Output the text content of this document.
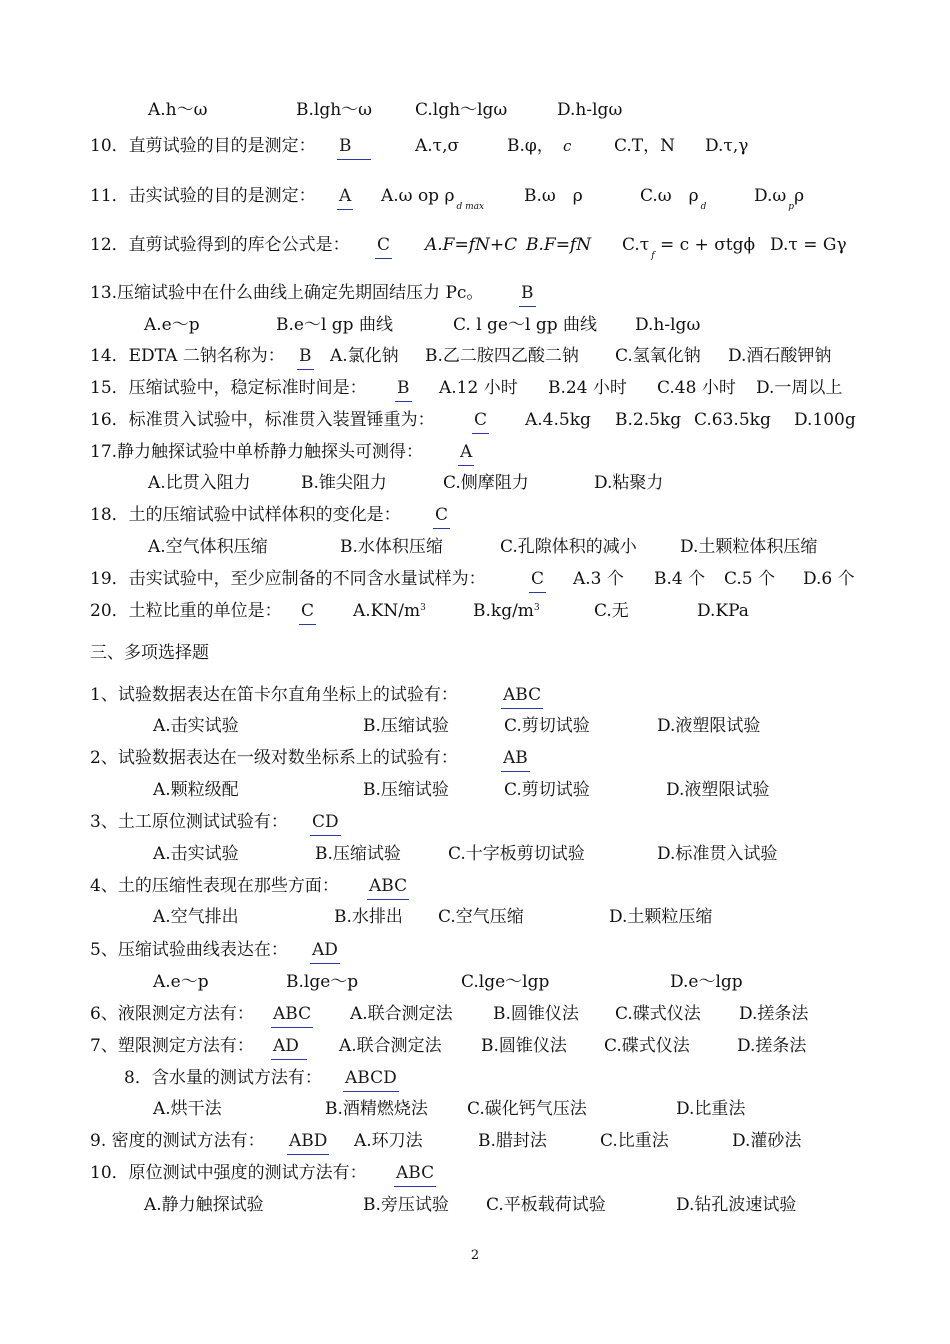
A.h～ω	B.lgh～ω	C.lgh～lgω	D.h-lgω
10．直剪试验的目的是测定： B	A.τ,σ	B.φ， c	C.T，N D.τ,γ
11．击实试验的目的是测定： A A.ω op $\rho_{d max}$
B.ω　ρ	C.ω　$\rho_d$
$D.\omega_p\rho$
12．直剪试验得到的库仑公式是： C A.F=fN+C B.F=fN $C.\tau_f = c + \sigma tg\phi$ D.τ = Gγ
13.压缩试验中在什么曲线上确定先期固结压力 Pc。 B
A.e～p	B.e～l gp 曲线	C. l ge～l gp 曲线 D.h-lgω
14．EDTA 二钠名称为： B A.氯化钠 B.乙二胺四乙酸二钠 C.氢氧化钠 D.酒石酸钾钠
15．压缩试验中，稳定标准时间是： B A.12 小时 B.24 小时 C.48 小时 D.一周以上
16．标准贯入试验中，标准贯入装置锤重为： C A.4.5kg B.2.5kg C.63.5kg D.100g
17.静力触探试验中单桥静力触探头可测得： A
A.比贯入阻力	B.锥尖阻力	C.侧摩阻力	D.粘聚力
18．土的压缩试验中试样体积的变化是： C
A.空气体积压缩	B.水体积压缩	C.孔隙体积的减小	D.土颗粒体积压缩
19．击实试验中，至少应制备的不同含水量试样为：	C A.3 个 B.4 个 C.5 个 D.6 个
20．土粒比重的单位是： C $A.KN/m^3$	$B.kg/m^3$	C.无	D.KPa
三、多项选择题
1、试验数据表达在笛卡尔直角坐标上的试验有：	ABC
A.击实试验	B.压缩试验	C.剪切试验	D.液塑限试验
2、试验数据表达在一级对数坐标系上的试验有：	AB
A.颗粒级配	B.压缩试验	C.剪切试验	D.液塑限试验
3、土工原位测试试验有： CD
A.击实试验	B.压缩试验	C.十字板剪切试验	D.标准贯入试验
4、土的压缩性表现在那些方面： ABC
A.空气排出	B.水排出 C.空气压缩	D.土颗粒压缩
5、压缩试验曲线表达在： AD
A.e～p	B.lge～p	C.lge～lgp	D.e～lgp
6、液限测定方法有： ABC A.联合测定法 B.圆锥仪法 C.碟式仪法 D.搓条法
7、塑限测定方法有： AD	A.联合测定法 B.圆锥仪法 C.碟式仪法	D.搓条法
8．含水量的测试方法有： ABCD
A.烘干法	B.酒精燃烧法 C.碳化钙气压法	D.比重法
9. 密度的测试方法有： ABD A.环刀法	B.腊封法	C.比重法	D.灌砂法
10．原位测试中强度的测试方法有： ABC
A.静力触探试验	B.旁压试验 C.平板载荷试验	D.钻孔波速试验
2
